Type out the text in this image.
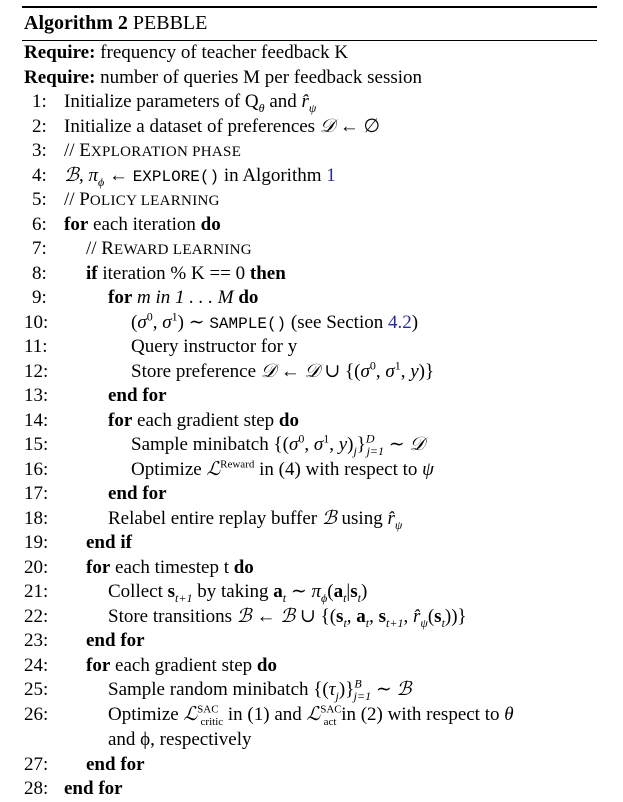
Algorithm 2 PEBBLE
Require: frequency of teacher feedback K
Require: number of queries M per feedback session
1: Initialize parameters of $Q_\theta$ and $r̂_\psi$
2: Initialize a dataset of preferences 𝒟 ← ∅
3: // EXPLORATION PHASE
4: ℬ, $\pi_\phi$ ← EXPLORE() in Algorithm 1
5: // POLICY LEARNING
6: for each iteration do
7: // REWARD LEARNING
8: if iteration % K == 0 then
9:	for m in 1 . . . M do
10:	($\sigma^0$, $\sigma^1$) ∼ SAMPLE() (see Section 4.2)
11:	Query instructor for y
12:	Store preference 𝒟 ← 𝒟 ∪ {($\sigma^0$, $\sigma^1$, y)}
13:	end for
14:	for each gradient step do
15:	Sample minibatch {($\sigma^0$, $\sigma^1$, $y)_j\}^D_{j=1}$ ∼ 𝒟
16:	Optimize ℒ$^{Reward}$ in (4) with respect to ψ
17:	end for
18:	Relabel entire replay buffer ℬ using $r̂_\psi$
19: end if
20: for each timestep t do
21:	Collect $s_{t+1}$ by taking $a_t$ ∼ $\pi_\phi(a_t|s_t)$
22:	Store transitions ℬ ← ℬ ∪ {($s_t$, $a_t$, $s_{t+1}$, $r̂_\psi(s_t)$)}
23: end for
24: for each gradient step do
25:	Sample random minibatch $\{(\tau_j)\}^B_{j=1}$ ∼ ℬ
26:	Optimize ℒ$^{SAC}_{critic}$ in (1) and ℒ$^{SAC}_{act}$ in (2) with respect to θ
and ϕ, respectively
27: end for
28: end for
